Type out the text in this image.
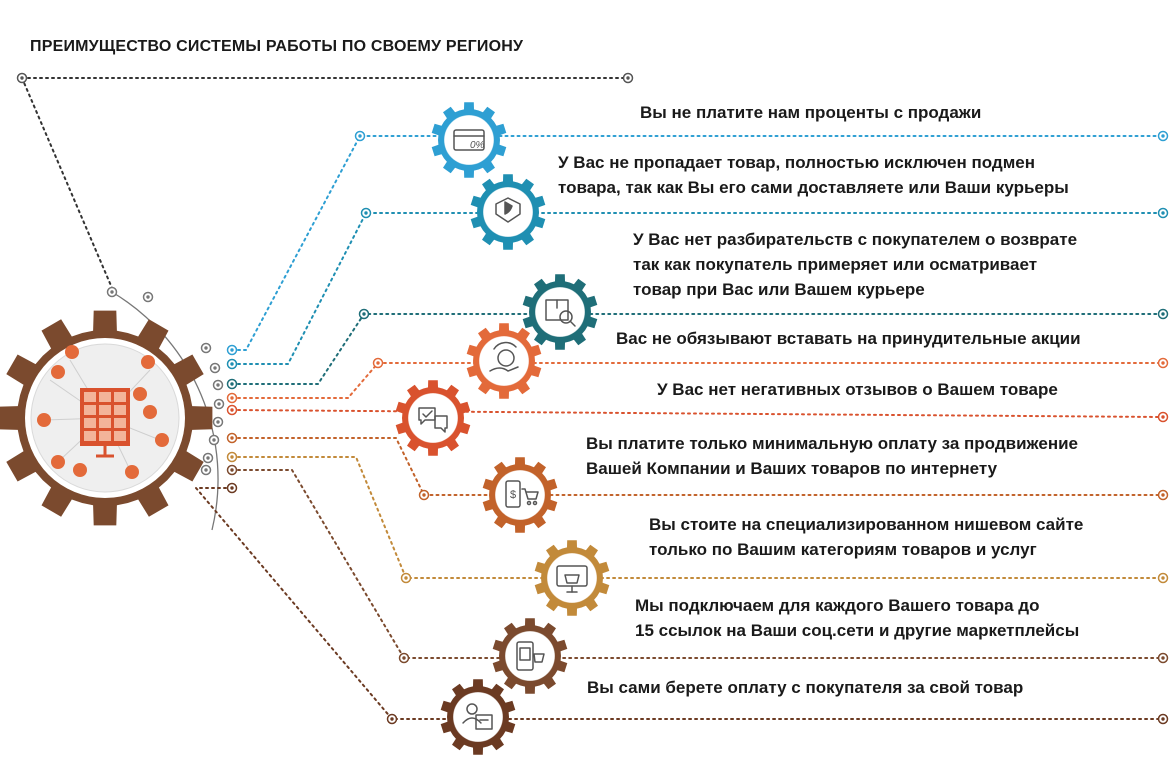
ПРЕИМУЩЕСТВО СИСТЕМЫ РАБОТЫ ПО СВОЕМУ РЕГИОНУ
0%
$
Вы не платите нам проценты с продажи
У Вас не пропадает товар, полностью исключен подмен
товара, так как Вы его сами доставляете или Ваши курьеры
У Вас нет разбирательств с покупателем о возврате
так как покупатель примеряет или осматривает
товар при Вас или Вашем курьере
Вас не обязывают вставать на принудительные акции
У Вас нет негативных отзывов о Вашем товаре
Вы платите только минимальную оплату за продвижение
Вашей Компании и Ваших товаров по интернету
Вы стоите на специализированном нишевом сайте
только по Вашим категориям товаров и услуг
Мы подключаем для каждого Вашего товара до
15 ссылок на Ваши соц.сети и другие маркетплейсы
Вы сами берете оплату с покупателя за свой товар
